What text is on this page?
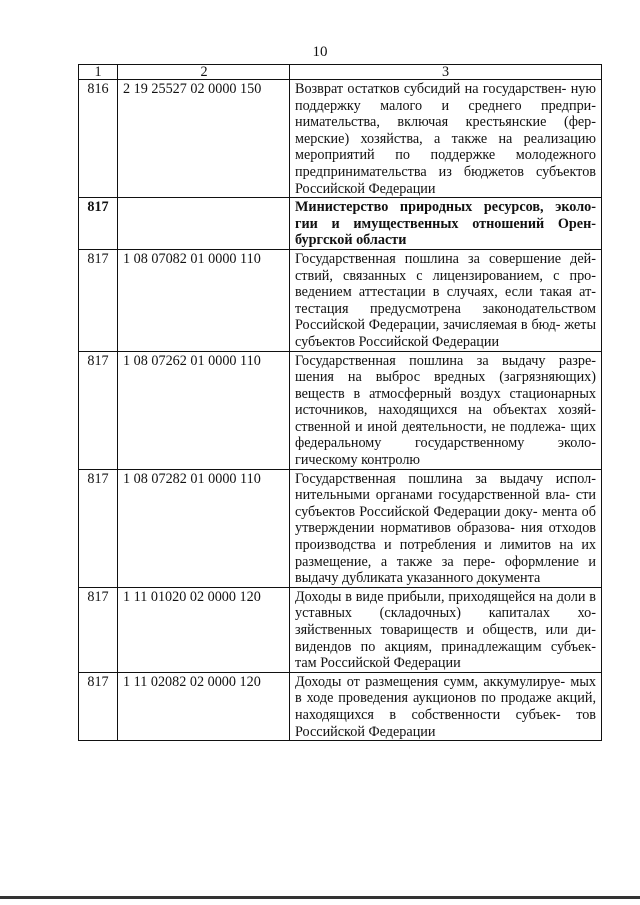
10
1	2	3
816	2 19 25527 02 0000 150	Возврат остатков субсидий на государствен- ную поддержку малого и среднего предпри- нимательства, включая крестьянские (фер- мерские) хозяйства, а также на реализацию мероприятий по поддержке молодежного предпринимательства из бюджетов субъектов Российской Федерации
817		Министерство природных ресурсов, эколо- гии и имущественных отношений Орен- бургской области
817	1 08 07082 01 0000 110	Государственная пошлина за совершение дей- ствий, связанных с лицензированием, с про- ведением аттестации в случаях, если такая ат- тестация предусмотрена законодательством Российской Федерации, зачисляемая в бюд- жеты субъектов Российской Федерации
817	1 08 07262 01 0000 110	Государственная пошлина за выдачу разре- шения на выброс вредных (загрязняющих) веществ в атмосферный воздух стационарных источников, находящихся на объектах хозяй- ственной и иной деятельности, не подлежа- щих федеральному государственному эколо- гическому контролю
817	1 08 07282 01 0000 110	Государственная пошлина за выдачу испол- нительными органами государственной вла- сти субъектов Российской Федерации доку- мента об утверждении нормативов образова- ния отходов производства и потребления и лимитов на их размещение, а также за пере- оформление и выдачу дубликата указанного документа
817	1 11 01020 02 0000 120	Доходы в виде прибыли, приходящейся на доли в уставных (складочных) капиталах хо- зяйственных товариществ и обществ, или ди- видендов по акциям, принадлежащим субъек- там Российской Федерации
817	1 11 02082 02 0000 120	Доходы от размещения сумм, аккумулируе- мых в ходе проведения аукционов по продаже акций, находящихся в собственности субъек- тов Российской Федерации
